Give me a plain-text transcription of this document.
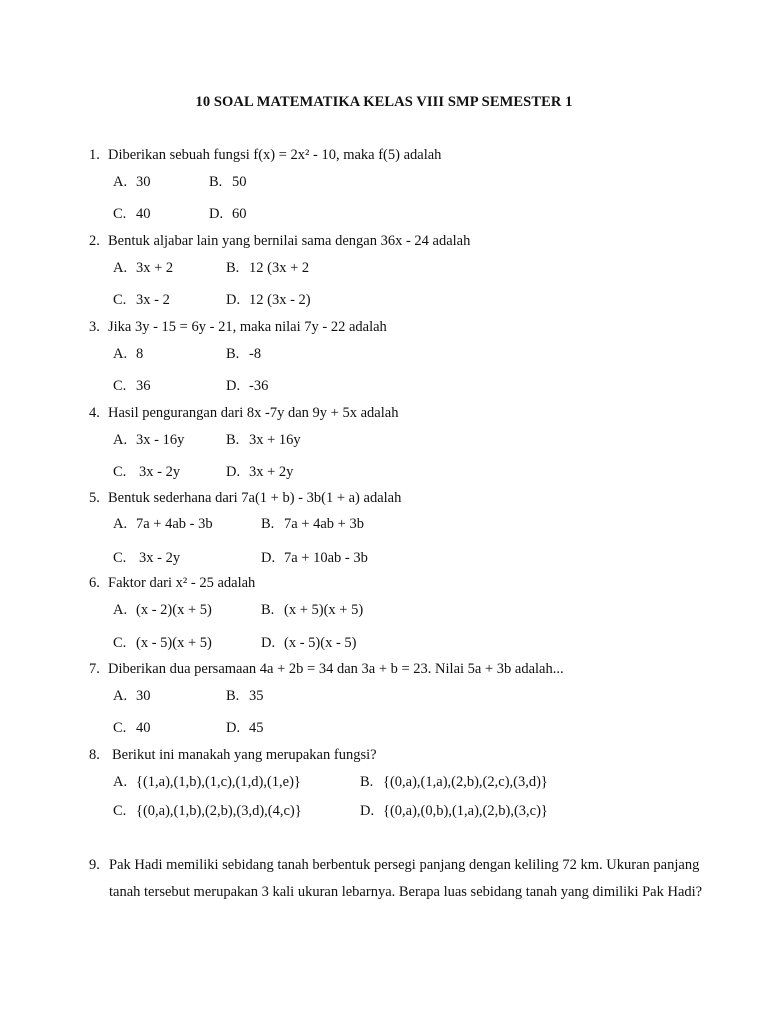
10 SOAL MATEMATIKA KELAS VIII SMP SEMESTER 1
1. Diberikan sebuah fungsi f(x) = 2x² - 10, maka f(5) adalah
A. 30	B. 50
C. 40	D. 60
2. Bentuk aljabar lain yang bernilai sama dengan 36x - 24 adalah
A. 3x + 2	B. 12 (3x + 2
C. 3x - 2	D. 12 (3x - 2)
3. Jika 3y - 15 = 6y - 21, maka nilai 7y - 22 adalah
A. 8	B. -8
C. 36	D. -36
4. Hasil pengurangan dari 8x -7y dan 9y + 5x adalah
A. 3x - 16y	B. 3x + 16y
C. 3x - 2y	D. 3x + 2y
5. Bentuk sederhana dari 7a(1 + b) - 3b(1 + a) adalah
A. 7a + 4ab - 3b	B. 7a + 4ab + 3b
C. 3x - 2y	D. 7a + 10ab - 3b
6. Faktor dari x² - 25 adalah
A. (x - 2)(x + 5)	B. (x + 5)(x + 5)
C. (x - 5)(x + 5)	D. (x - 5)(x - 5)
7. Diberikan dua persamaan 4a + 2b = 34 dan 3a + b = 23. Nilai 5a + 3b adalah...
A. 30	B. 35
C. 40	D. 45
8. Berikut ini manakah yang merupakan fungsi?
A. {(1,a),(1,b),(1,c),(1,d),(1,e)}	B. {(0,a),(1,a),(2,b),(2,c),(3,d)}
C. {(0,a),(1,b),(2,b),(3,d),(4,c)}	D. {(0,a),(0,b),(1,a),(2,b),(3,c)}
9. Pak Hadi memiliki sebidang tanah berbentuk persegi panjang dengan keliling 72 km. Ukuran panjang tanah tersebut merupakan 3 kali ukuran lebarnya. Berapa luas sebidang tanah yang dimiliki Pak Hadi?
